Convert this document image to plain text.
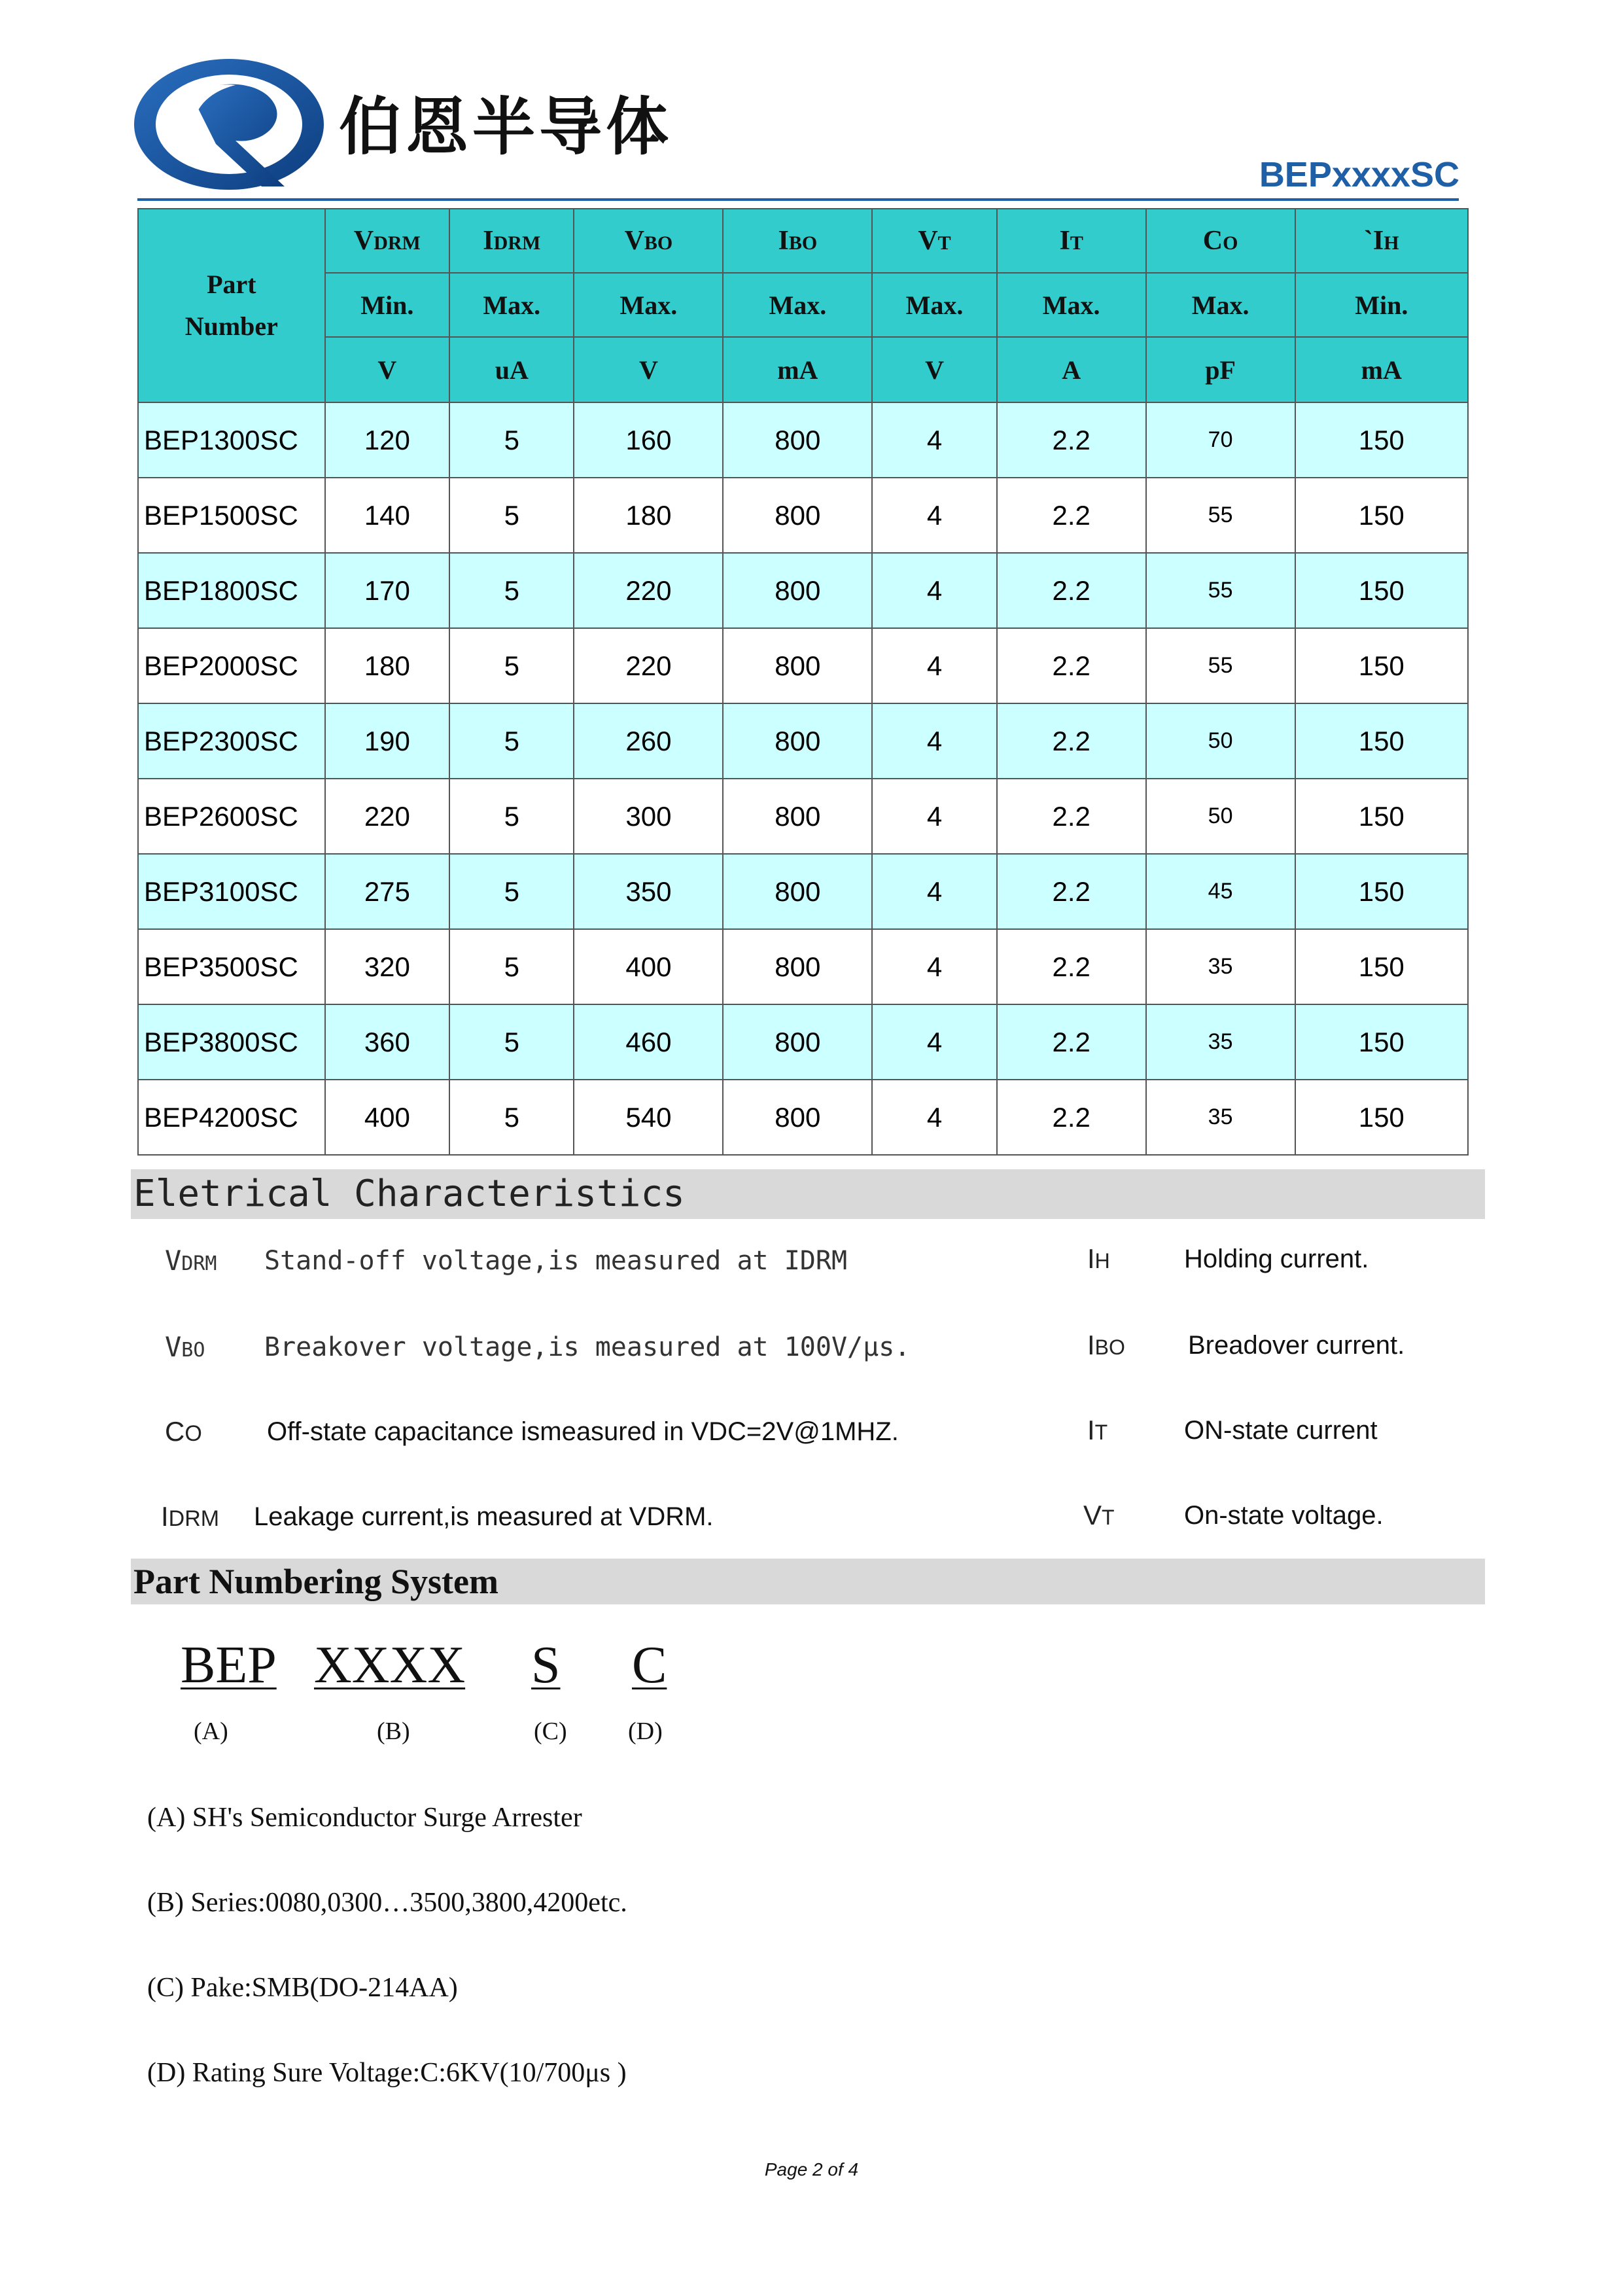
伯恩半导体
BEPxxxxSC
Part
Number	VDRM	IDRM	VBO	IBO	VT	IT	CO	`IH
	Min.	Max.	Max.	Max.	Max.	Max.	Max.	Min.
	V	uA	V	mA	V	A	pF	mA
BEP1300SC	120	5	160	800	4	2.2	70	150
BEP1500SC	140	5	180	800	4	2.2	55	150
BEP1800SC	170	5	220	800	4	2.2	55	150
BEP2000SC	180	5	220	800	4	2.2	55	150
BEP2300SC	190	5	260	800	4	2.2	50	150
BEP2600SC	220	5	300	800	4	2.2	50	150
BEP3100SC	275	5	350	800	4	2.2	45	150
BEP3500SC	320	5	400	800	4	2.2	35	150
BEP3800SC	360	5	460	800	4	2.2	35	150
BEP4200SC	400	5	540	800	4	2.2	35	150
Eletrical Characteristics
VDRM Stand-off voltage,is measured at IDRM
VBO Breakover voltage,is measured at 100V/μs.
CO Off-state capacitance ismeasured in VDC=2V@1MHZ.
IDRM Leakage current,is measured at VDRM.
IH	Holding current.
IBO Breadover current.
IT	ON-state current
VT	On-state voltage.
Part Numbering System
BEP XXXX S C
(A)	(B)	(C) (D)
(A) SH's Semiconductor Surge Arrester
(B) Series:0080,0300…3500,3800,4200etc.
(C) Pake:SMB(DO-214AA)
(D) Rating Sure Voltage:C:6KV(10/700μs )
Page 2 of 4
